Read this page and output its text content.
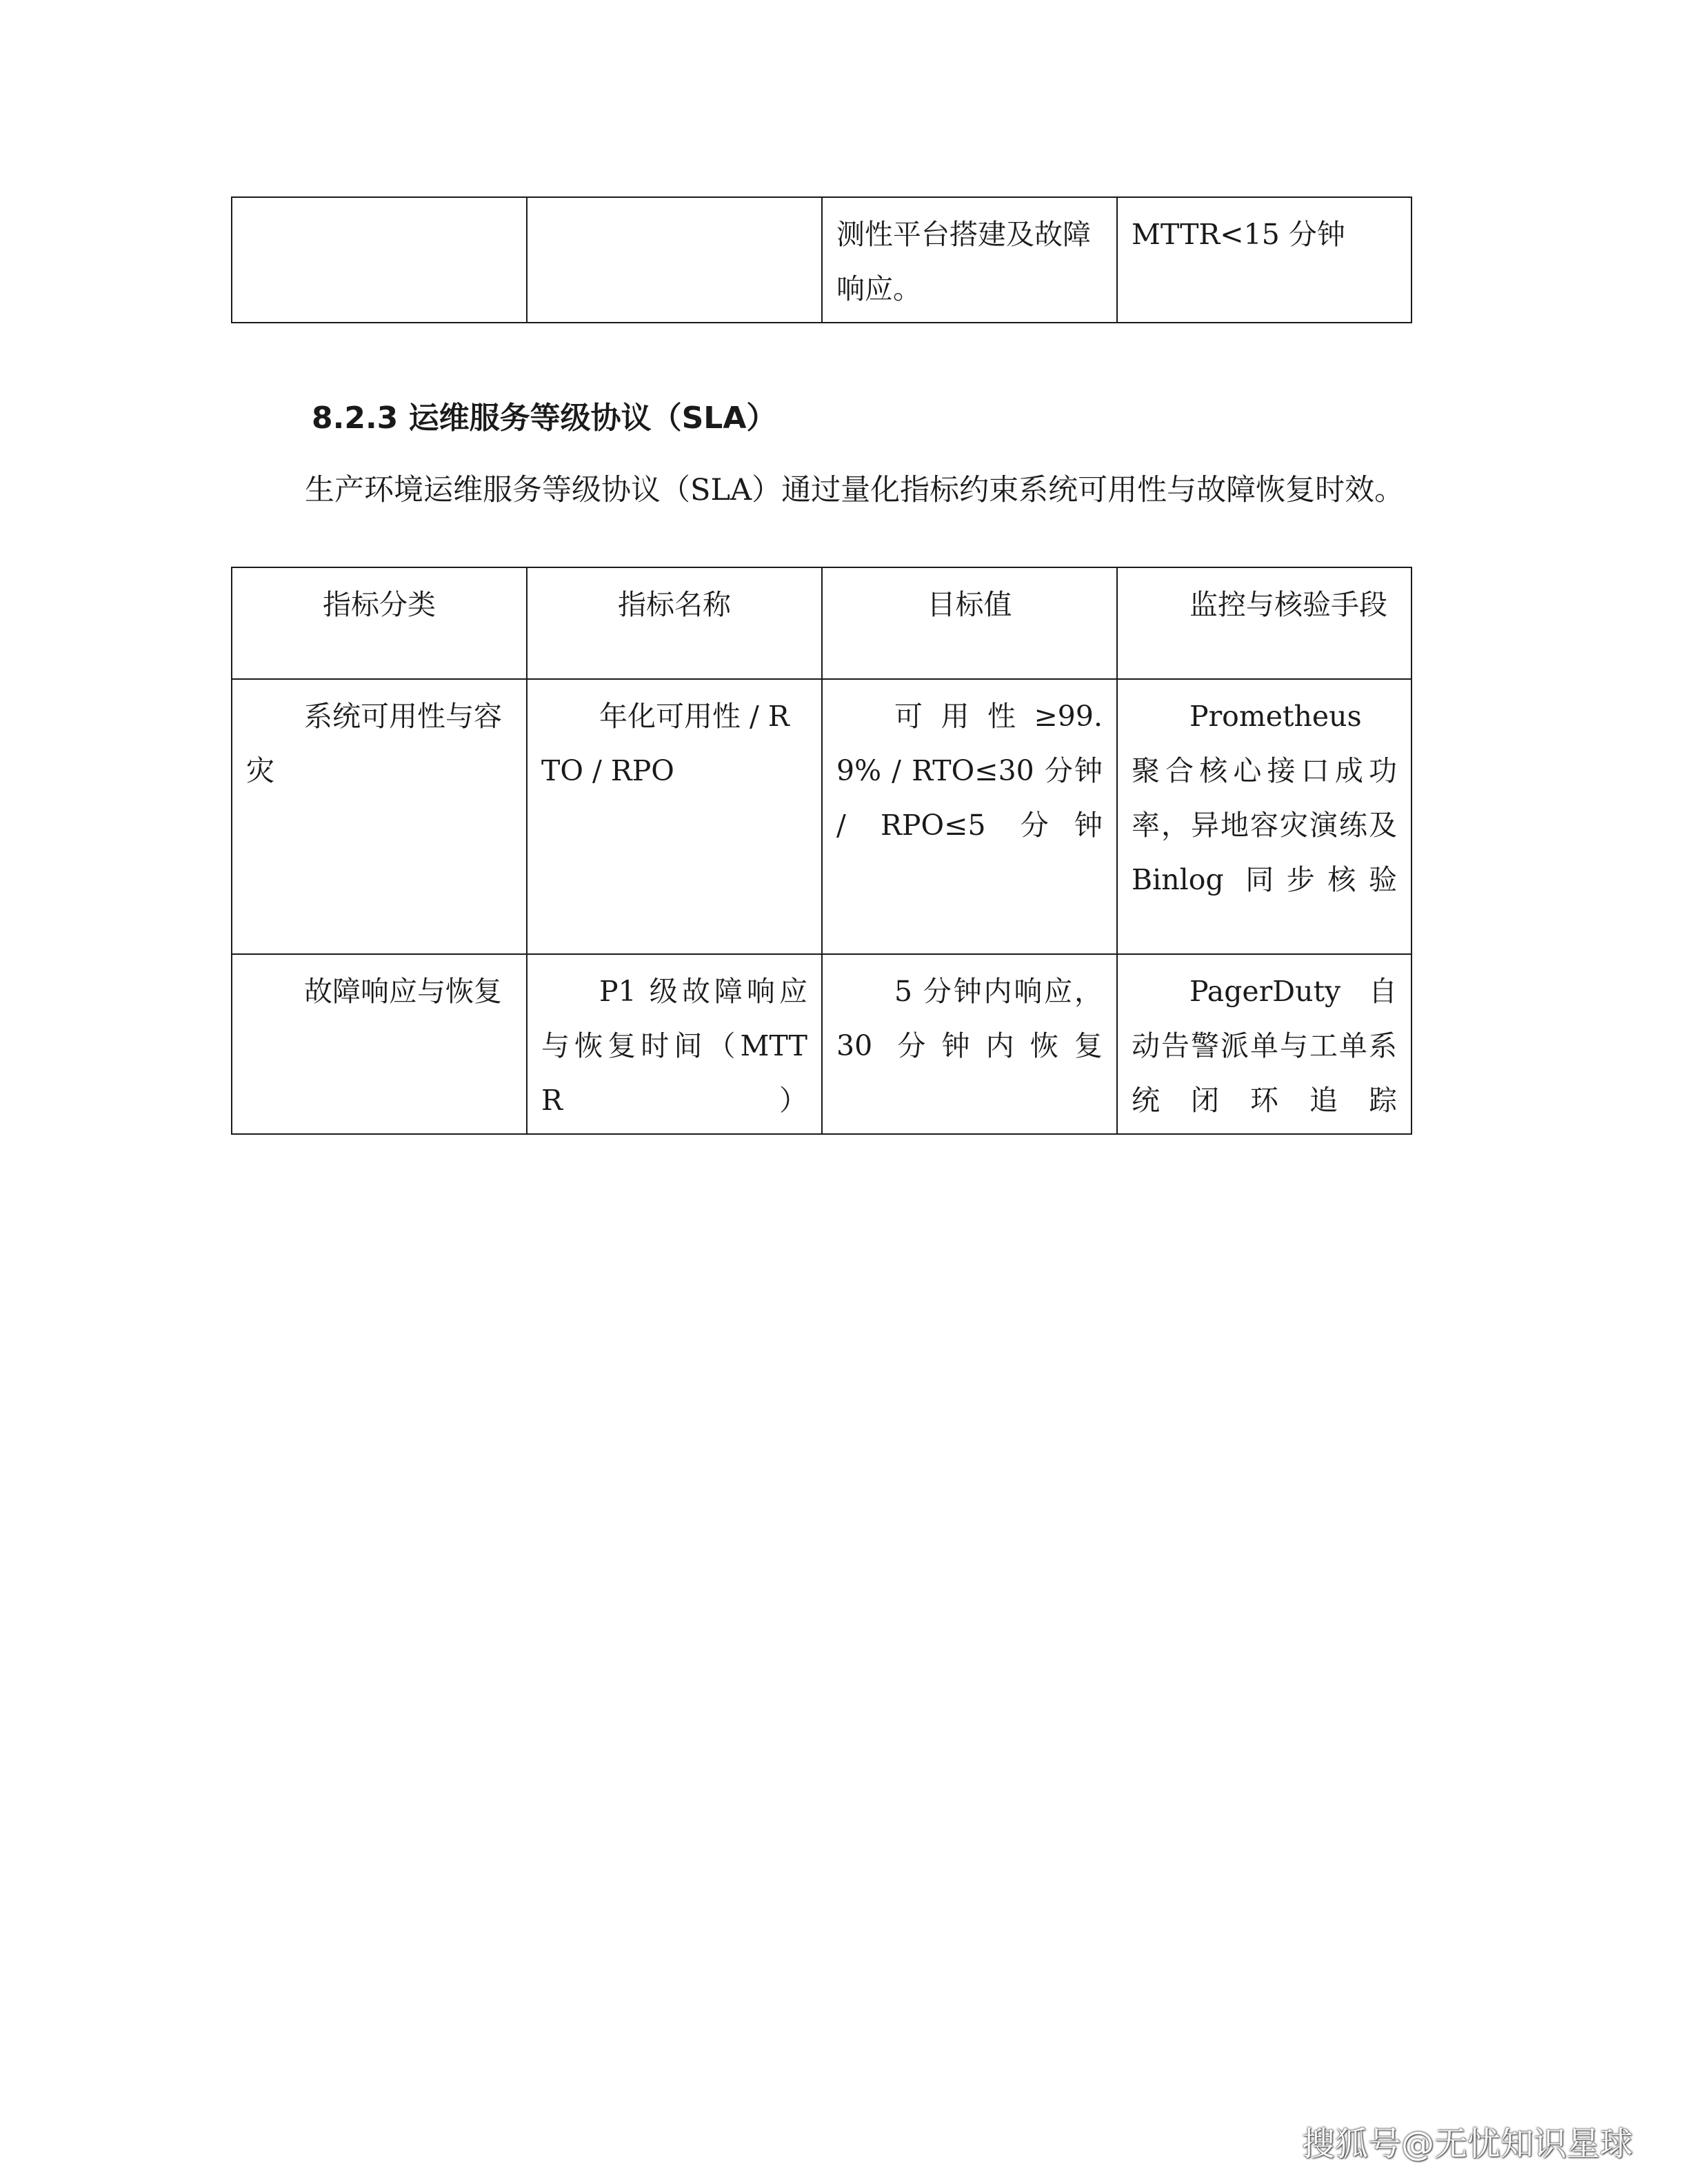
		测性平台搭建及故障响应。	MTTR<15 分钟
8.2.3 运维服务等级协议（SLA）
生产环境运维服务等级协议（SLA）通过量化指标约束系统可用性与故障恢复时效。
指标分类	指标名称	目标值	监控与核验手段
系统可用性与容灾	年化可用性 / RTO / RPO	可 用 性 ≥99.9% / RTO≤30 分钟 / RPO≤5 分钟	Prometheus 聚合核心接口成功率，异地容灾演练及 Binlog 同步核验
故障响应与恢复	P1 级故障响应与恢复时间（MTTR）	5 分钟内响应，30 分钟内恢复	PagerDuty 自动告警派单与工单系统闭环追踪
搜狐号@无忧知识星球
